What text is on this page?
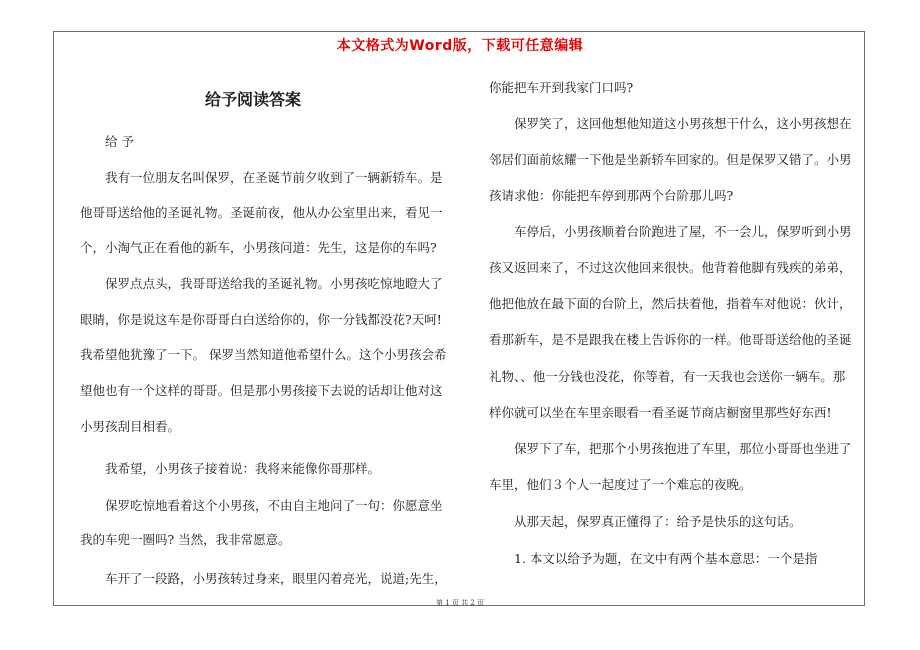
本文格式为Word版，下载可任意编辑
给予阅读答案
给 予
我有一位朋友名叫保罗，在圣诞节前夕收到了一辆新轿车。是
他哥哥送给他的圣诞礼物。圣诞前夜，他从办公室里出来，看见一
个，小淘气正在看他的新车，小男孩问道：先生，这是你的车吗?
保罗点点头，我哥哥送给我的圣诞礼物。小男孩吃惊地瞪大了
眼睛，你是说这车是你哥哥白白送给你的，你一分钱都没花?天呵!
我希望他犹豫了一下。 保罗当然知道他希望什么。这个小男孩会希
望他也有一个这样的哥哥。但是那小男孩接下去说的话却让他对这
小男孩刮目相看。
我希望，小男孩子接着说：我将来能像你哥那样。
保罗吃惊地看着这个小男孩，不由自主地问了一句：你愿意坐
我的车兜一圈吗? 当然，我非常愿意。
车开了一段路，小男孩转过身来，眼里闪着亮光，说道;先生，
你能把车开到我家门口吗?
保罗笑了，这回他想他知道这小男孩想干什么，这小男孩想在
邻居们面前炫耀一下他是坐新轿车回家的。但是保罗又错了。小男
孩请求他：你能把车停到那两个台阶那儿吗?
车停后，小男孩顺着台阶跑进了屋，不一会儿，保罗听到小男
孩又返回来了，不过这次他回来很快。他背着他脚有残疾的弟弟，
他把他放在最下面的台阶上，然后扶着他，指着车对他说：伙计，
看那新车，是不是跟我在楼上告诉你的一样。他哥哥送给他的圣诞
礼物、、他一分钱也没花，你等着，有一天我也会送你一辆车。那
样你就可以坐在车里亲眼看一看圣诞节商店橱窗里那些好东西!
保罗下了车，把那个小男孩抱进了车里，那位小哥哥也坐进了
车里，他们３个人一起度过了一个难忘的夜晚。
从那天起，保罗真正懂得了：给予是快乐的这句话。
1. 本文以给予为题，在文中有两个基本意思：一个是指
第 1 页 共 2 页
